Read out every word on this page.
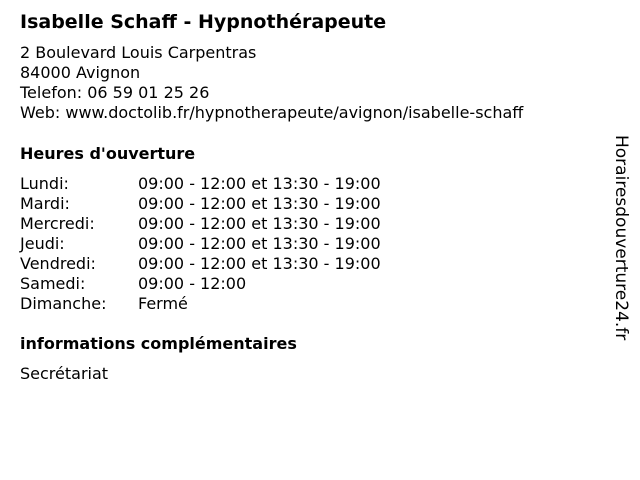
Isabelle Schaff - Hypnothérapeute
2 Boulevard Louis Carpentras
84000 Avignon
Telefon: 06 59 01 25 26
Web: www.doctolib.fr/hypnotherapeute/avignon/isabelle-schaff
Heures d'ouverture
Lundi:	09:00 - 12:00 et 13:30 - 19:00
Mardi:	09:00 - 12:00 et 13:30 - 19:00
Mercredi:	09:00 - 12:00 et 13:30 - 19:00
Jeudi:	09:00 - 12:00 et 13:30 - 19:00
Vendredi:	09:00 - 12:00 et 13:30 - 19:00
Samedi:	09:00 - 12:00
Dimanche:	Fermé
informations complémentaires
Secrétariat
Horairesdouverture24.fr
